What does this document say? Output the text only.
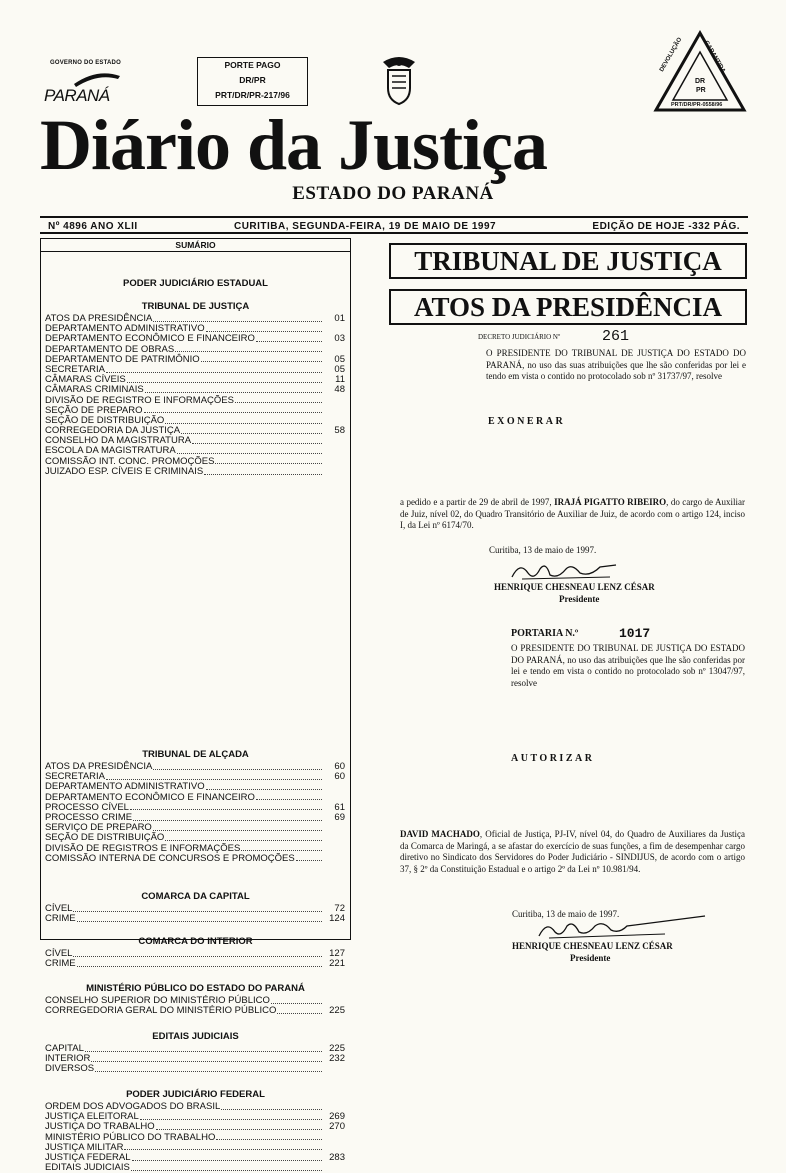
GOVERNO DO ESTADO
PARANÁ
PORTE PAGO
DR/PR
PRT/DR/PR-217/96
DEVOLUÇÃO	GARANTIDA
DR
PR
PRT/DR/PR-0558/96
Diário da Justiça
ESTADO DO PARANÁ
Nº 4896 ANO XLII	CURITIBA, SEGUNDA-FEIRA, 19 DE MAIO DE 1997	EDIÇÃO DE HOJE -332 PÁG.
SUMÁRIO
PODER JUDICIÁRIO ESTADUAL
TRIBUNAL DE JUSTIÇA
ATOS DA PRESIDÊNCIA	01
DEPARTAMENTO ADMINISTRATIVO
DEPARTAMENTO ECONÔMICO E FINANCEIRO	03
DEPARTAMENTO DE OBRAS
DEPARTAMENTO DE PATRIMÔNIO	05
SECRETARIA	05
CÂMARAS CÍVEIS	11
CÂMARAS CRIMINAIS	48
DIVISÃO DE REGISTRO E INFORMAÇÕES
SEÇÃO DE PREPARO
SEÇÃO DE DISTRIBUIÇÃO
CORREGEDORIA DA JUSTIÇA	58
CONSELHO DA MAGISTRATURA
ESCOLA DA MAGISTRATURA
COMISSÃO INT. CONC. PROMOÇÕES
JUIZADO ESP. CÍVEIS E CRIMINAIS
TRIBUNAL DE ALÇADA
ATOS DA PRESIDÊNCIA	60
SECRETARIA	60
DEPARTAMENTO ADMINISTRATIVO
DEPARTAMENTO ECONÔMICO E FINANCEIRO
PROCESSO CÍVEL	61
PROCESSO CRIME	69
SERVIÇO DE PREPARO
SEÇÃO DE DISTRIBUIÇÃO
DIVISÃO DE REGISTROS E INFORMAÇÕES
COMISSÃO INTERNA DE CONCURSOS E PROMOÇÕES
COMARCA DA CAPITAL
CÍVEL	72
CRIME	124
COMARCA DO INTERIOR
CÍVEL	127
CRIME	221
MINISTÉRIO PÚBLICO DO ESTADO DO PARANÁ
CONSELHO SUPERIOR DO MINISTÉRIO PÚBLICO
CORREGEDORIA GERAL DO MINISTÉRIO PÚBLICO	225
EDITAIS JUDICIAIS
CAPITAL	225
INTERIOR	232
DIVERSOS
PODER JUDICIÁRIO FEDERAL
ORDEM DOS ADVOGADOS DO BRASIL
JUSTIÇA ELEITORAL	269
JUSTIÇA DO TRABALHO	270
MINISTÉRIO PÚBLICO DO TRABALHO
JUSTIÇA MILITAR
JUSTIÇA FEDERAL	283
EDITAIS JUDICIAIS
TRIBUNAL DE JUSTIÇA
ATOS DA PRESIDÊNCIA
DECRETO JUDICIÁRIO Nº	261
O PRESIDENTE DO TRIBUNAL DE JUSTIÇA DO ESTADO DO PARANÁ, no uso das suas atribuições que lhe são conferidas por lei e tendo em vista o contido no protocolado sob nº 31737/97, resolve
EXONERAR
a pedido e a partir de 29 de abril de 1997, IRAJÁ PIGATTO RIBEIRO, do cargo de Auxiliar de Juiz, nível 02, do Quadro Transitório de Auxiliar de Juiz, de acordo com o artigo 124, inciso I, da Lei nº 6174/70.
Curitiba, 13 de maio de 1997.
HENRIQUE CHESNEAU LENZ CÉSAR
Presidente
PORTARIA N.º	1017
O PRESIDENTE DO TRIBUNAL DE JUSTIÇA DO ESTADO DO PARANÁ, no uso das atribuições que lhe são conferidas por lei e tendo em vista o contido no protocolado sob nº 13047/97, resolve
AUTORIZAR
DAVID MACHADO, Oficial de Justiça, PJ-IV, nível 04, do Quadro de Auxiliares da Justiça da Comarca de Maringá, a se afastar do exercício de suas funções, a fim de desempenhar cargo diretivo no Sindicato dos Servidores do Poder Judiciário - SINDIJUS, de acordo com o artigo 37, § 2º da Constituição Estadual e o artigo 2º da Lei nº 10.981/94.
Curitiba, 13 de maio de 1997.
HENRIQUE CHESNEAU LENZ CÉSAR
Presidente
